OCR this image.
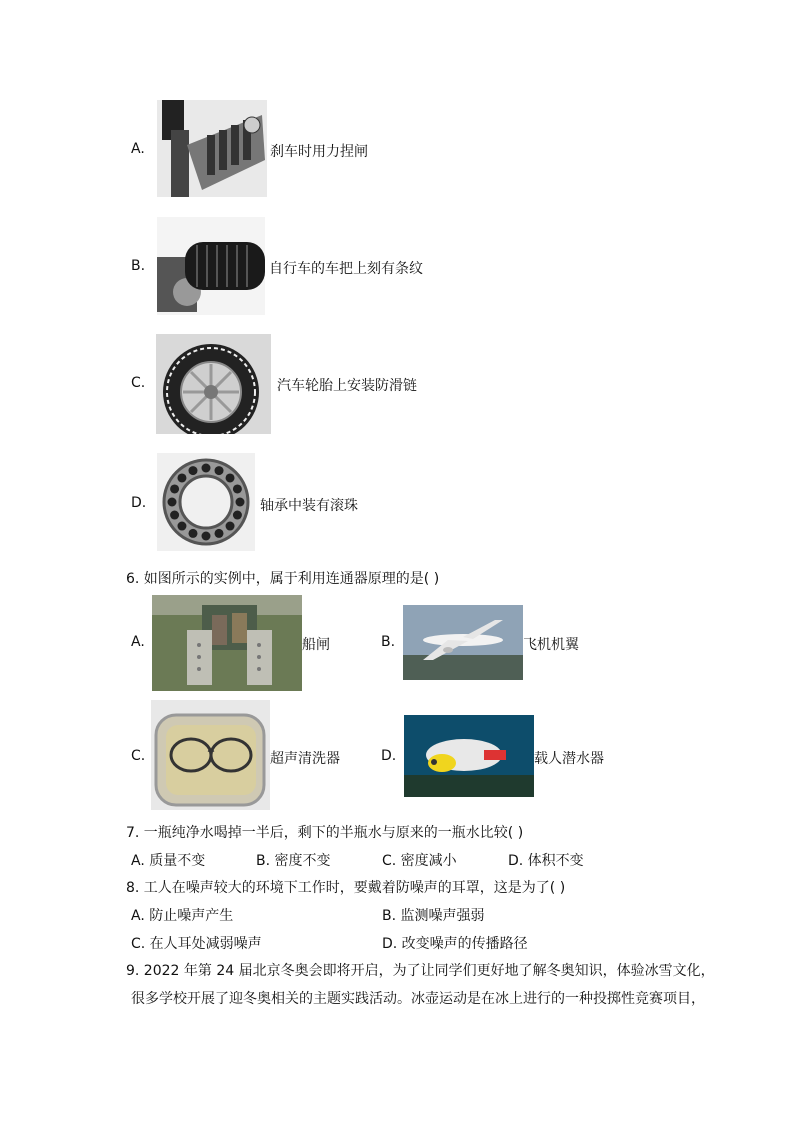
A.	刹车时用力捏闸
B.	自行车的车把上刻有条纹
C.	汽车轮胎上安装防滑链
D.	轴承中装有滚珠
6. 如图所示的实例中，属于利用连通器原理的是( )
A.	船闸	B.	飞机机翼
C.	超声清洗器	D.	载人潜水器
7. 一瓶纯净水喝掉一半后，剩下的半瓶水与原来的一瓶水比较( )
A. 质量不变	B. 密度不变	C. 密度减小	D. 体积不变
8. 工人在噪声较大的环境下工作时，要戴着防噪声的耳罩，这是为了( )
A. 防止噪声产生	B. 监测噪声强弱
C. 在人耳处减弱噪声	D. 改变噪声的传播路径
9. 2022 年第 24 届北京冬奥会即将开启，为了让同学们更好地了解冬奥知识，体验冰雪文化，
很多学校开展了迎冬奥相关的主题实践活动。冰壶运动是在冰上进行的一种投掷性竞赛项目，
